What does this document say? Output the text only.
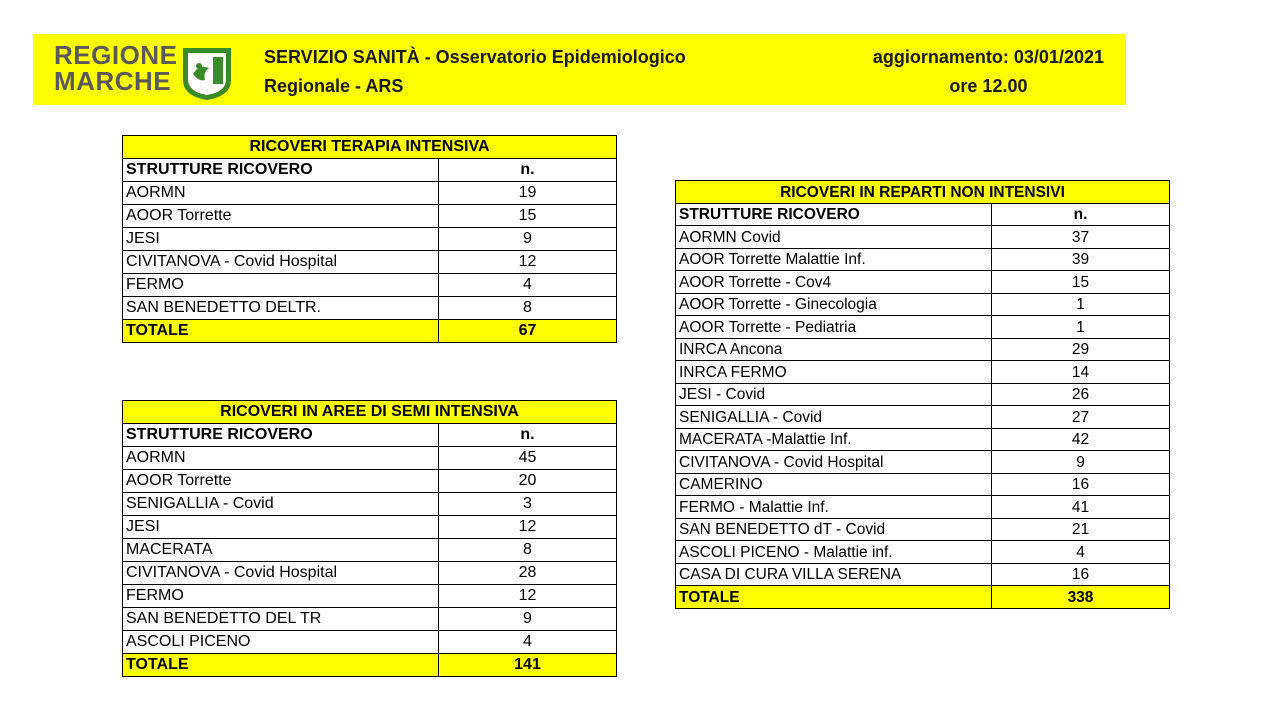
REGIONE
MARCHE
SERVIZIO SANITÀ - Osservatorio Epidemiologico
Regionale - ARS
aggiornamento: 03/01/2021
ore 12.00
RICOVERI TERAPIA INTENSIVA	
STRUTTURE RICOVERO	n.
AORMN	19
AOOR Torrette	15
JESI	9
CIVITANOVA - Covid Hospital	12
FERMO	4
SAN BENEDETTO DELTR.	8
TOTALE	67
RICOVERI IN AREE DI SEMI INTENSIVA	
STRUTTURE RICOVERO	n.
AORMN	45
AOOR Torrette	20
SENIGALLIA - Covid	3
JESI	12
MACERATA	8
CIVITANOVA - Covid Hospital	28
FERMO	12
SAN BENEDETTO DEL TR	9
ASCOLI PICENO	4
TOTALE	141
RICOVERI IN REPARTI NON INTENSIVI	
STRUTTURE RICOVERO	n.
AORMN Covid	37
AOOR Torrette Malattie Inf.	39
AOOR Torrette - Cov4	15
AOOR Torrette - Ginecologia	1
AOOR Torrette - Pediatria	1
INRCA Ancona	29
INRCA FERMO	14
JESI - Covid	26
SENIGALLIA - Covid	27
MACERATA -Malattie Inf.	42
CIVITANOVA - Covid Hospital	9
CAMERINO	16
FERMO - Malattie Inf.	41
SAN BENEDETTO dT - Covid	21
ASCOLI PICENO - Malattie inf.	4
CASA DI CURA VILLA SERENA	16
TOTALE	338
